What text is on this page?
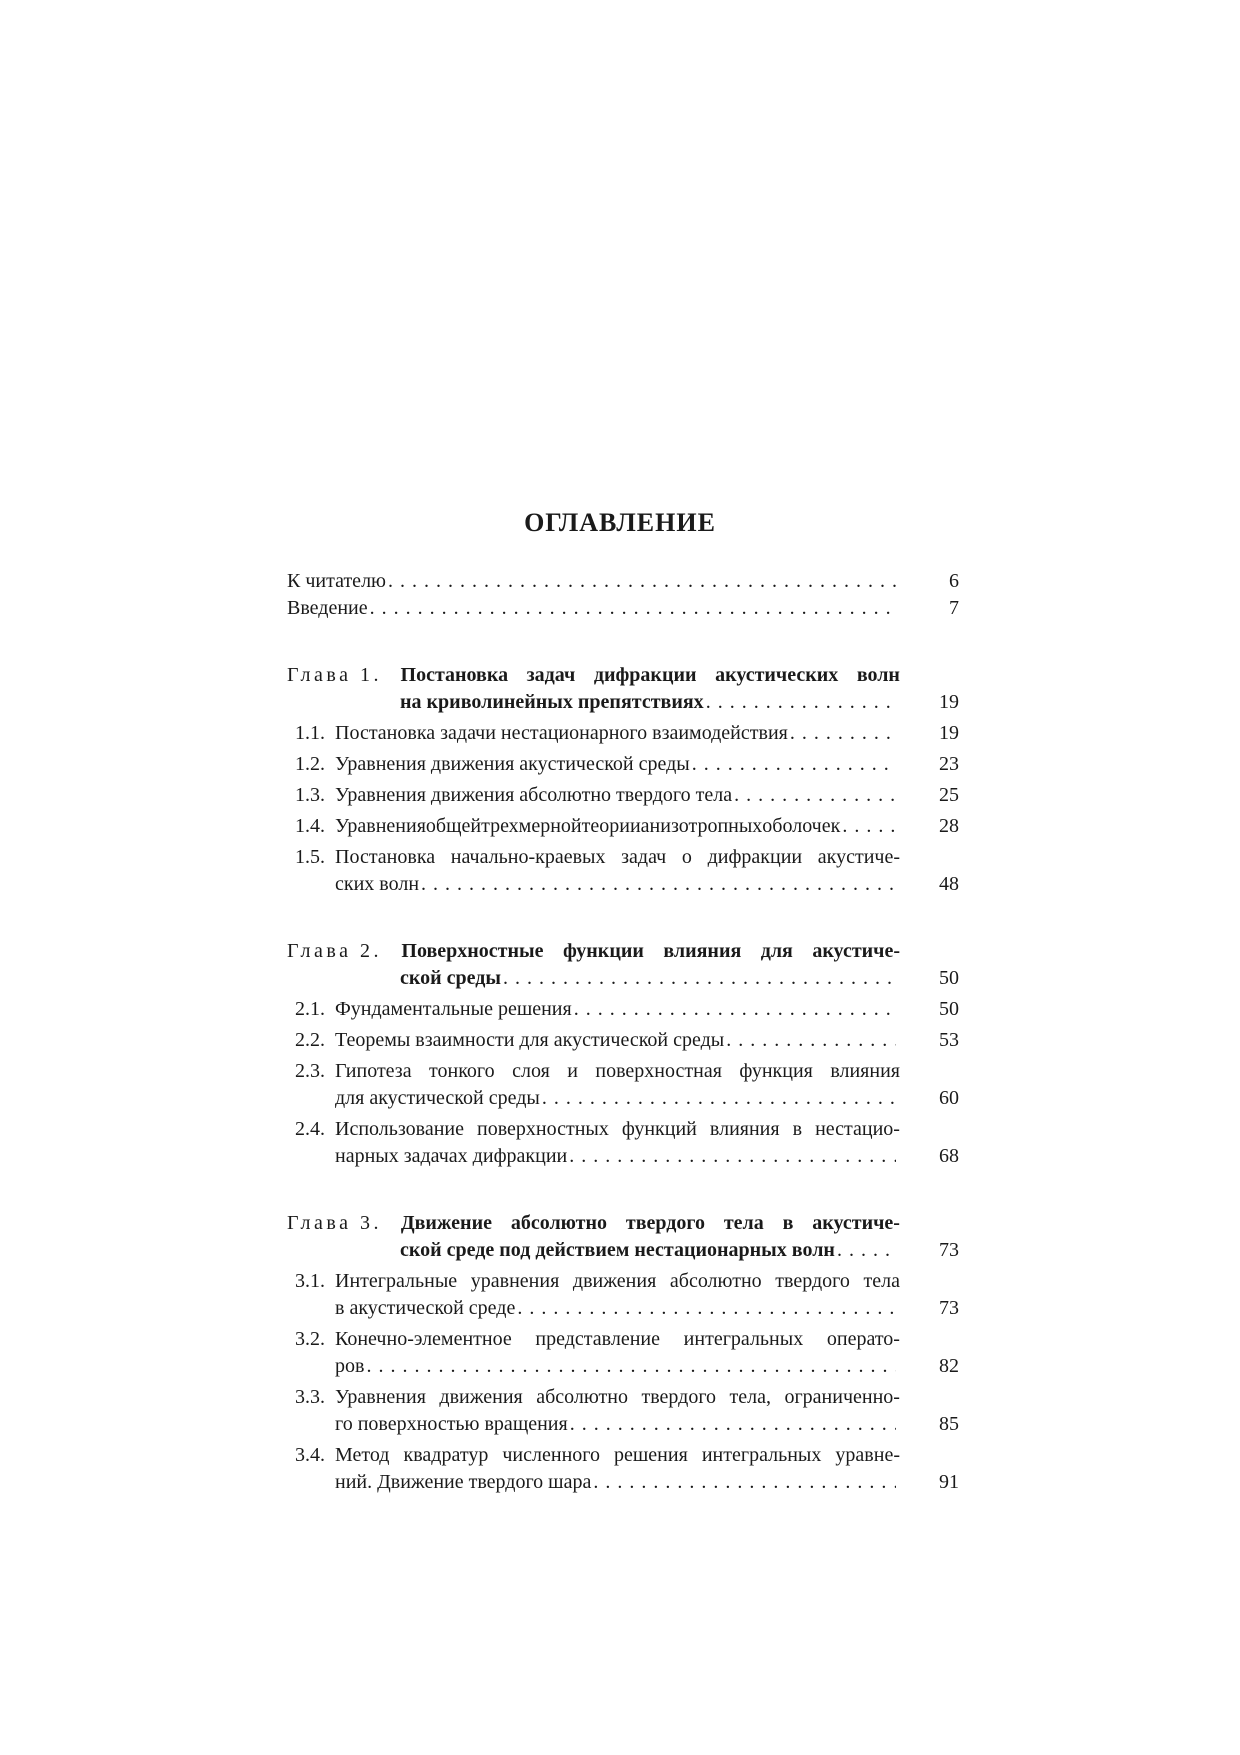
ОГЛАВЛЕНИЕ
К читателю . . .	6
Введение . . .	7
Глава 1. Постановка задач дифракции акустических волн
на криволинейных препятствиях . . .	19
1.1. Постановка задачи нестационарного взаимодействия . . .	19
1.2. Уравнения движения акустической среды . . .	23
1.3. Уравнения движения абсолютно твердого тела . . .	25
1.4. Уравнения общей трехмерной теории анизотропных оболочек . . .	28
1.5. Постановка начально-краевых задач о дифракции акустиче-
ских волн . . .	48
Глава 2. Поверхностные функции влияния для акустиче-
ской среды . . .	50
2.1. Фундаментальные решения . . .	50
2.2. Теоремы взаимности для акустической среды . . .	53
2.3. Гипотеза тонкого слоя и поверхностная функция влияния
для акустической среды . . .	60
2.4. Использование поверхностных функций влияния в нестацио-
нарных задачах дифракции . . .	68
Глава 3. Движение абсолютно твердого тела в акустиче-
ской среде под действием нестационарных волн . . .	73
3.1. Интегральные уравнения движения абсолютно твердого тела
в акустической среде . . .	73
3.2. Конечно-элементное представление интегральных операто-
ров . . .	82
3.3. Уравнения движения абсолютно твердого тела, ограниченно-
го поверхностью вращения . . .	85
3.4. Метод квадратур численного решения интегральных уравне-
ний. Движение твердого шара . . .	91
